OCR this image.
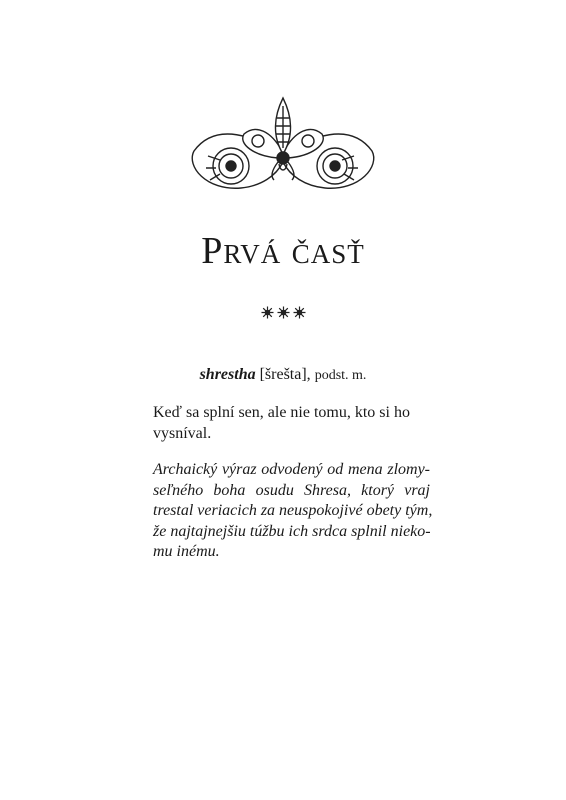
Prvá časť
shrestha [šrešta], podst. m.

Keď sa splní sen, ale nie tomu, kto si ho vysníval.

Archaický výraz odvodený od mena zlomy-
seľného boha osudu Shresa, ktorý vraj
trestal veriacich za neuspokojivé obety tým,
že najtajnejšiu túžbu ich srdca splnil nieko-
mu inému.
